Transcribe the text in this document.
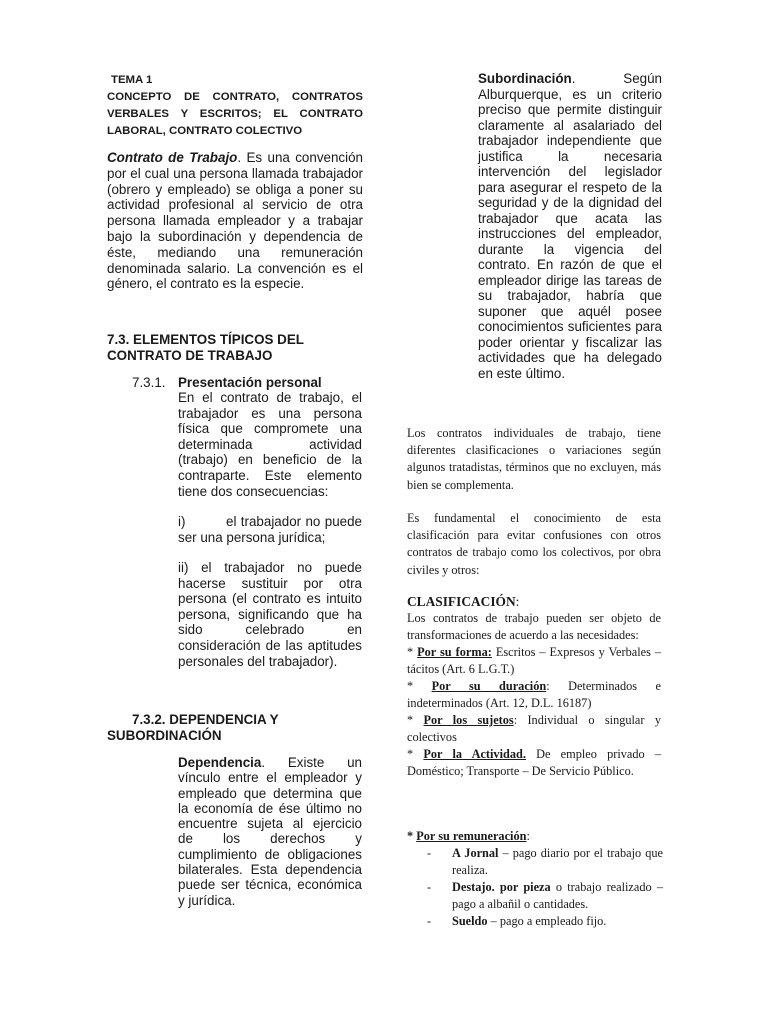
TEMA 1
CONCEPTO DE CONTRATO, CONTRATOS VERBALES Y ESCRITOS; EL CONTRATO LABORAL, CONTRATO COLECTIVO

Contrato de Trabajo. Es una convención por el cual una persona llamada trabajador (obrero y empleado) se obliga a poner su actividad profesional al servicio de otra persona llamada empleador y a trabajar bajo la subordinación y dependencia de éste, mediando una remuneración denominada salario. La convención es el género, el contrato es la especie.

7.3. ELEMENTOS TÍPICOS DEL CONTRATO DE TRABAJO
7.3.1. Presentación personal

En el contrato de trabajo, el trabajador es una persona física que compromete una determinada actividad (trabajo) en beneficio de la contraparte. Este elemento tiene dos consecuencias:

i)	el trabajador no puede ser una persona jurídica;

ii) el trabajador no puede hacerse sustituir por otra persona (el contrato es intuito persona, significando que ha sido celebrado en consideración de las aptitudes personales del trabajador).

7.3.2. DEPENDENCIA Y
SUBORDINACIÓN

Dependencia. Existe un vínculo entre el empleador y empleado que determina que la economía de ése último no encuentre sujeta al ejercicio de los derechos y cumplimiento de obligaciones bilaterales. Esta dependencia puede ser técnica, económica y jurídica.

Subordinación. Según Alburquerque, es un criterio preciso que permite distinguir claramente al asalariado del trabajador independiente que justifica la necesaria intervención del legislador para asegurar el respeto de la seguridad y de la dignidad del trabajador que acata las instrucciones del empleador, durante la vigencia del contrato. En razón de que el empleador dirige las tareas de su trabajador, habría que suponer que aquél posee conocimientos suficientes para poder orientar y fiscalizar las actividades que ha delegado en este último.

Los contratos individuales de trabajo, tiene diferentes clasificaciones o variaciones según algunos tratadistas, términos que no excluyen, más bien se complementa.

Es fundamental el conocimiento de esta clasificación para evitar confusiones con otros contratos de trabajo como los colectivos, por obra civiles y otros:

CLASIFICACIÓN:

Los contratos de trabajo pueden ser objeto de transformaciones de acuerdo a las necesidades:

* Por su forma: Escritos – Expresos y Verbales – tácitos (Art. 6 L.G.T.)

* Por su duración: Determinados e indeterminados (Art. 12, D.L. 16187)

* Por los sujetos: Individual o singular y colectivos

* Por la Actividad. De empleo privado – Doméstico; Transporte – De Servicio Público.

* Por su remuneración:
- A Jornal – pago diario por el trabajo que realiza.
- Destajo. por pieza o trabajo realizado – pago a albañil o cantidades.
- Sueldo – pago a empleado fijo.
